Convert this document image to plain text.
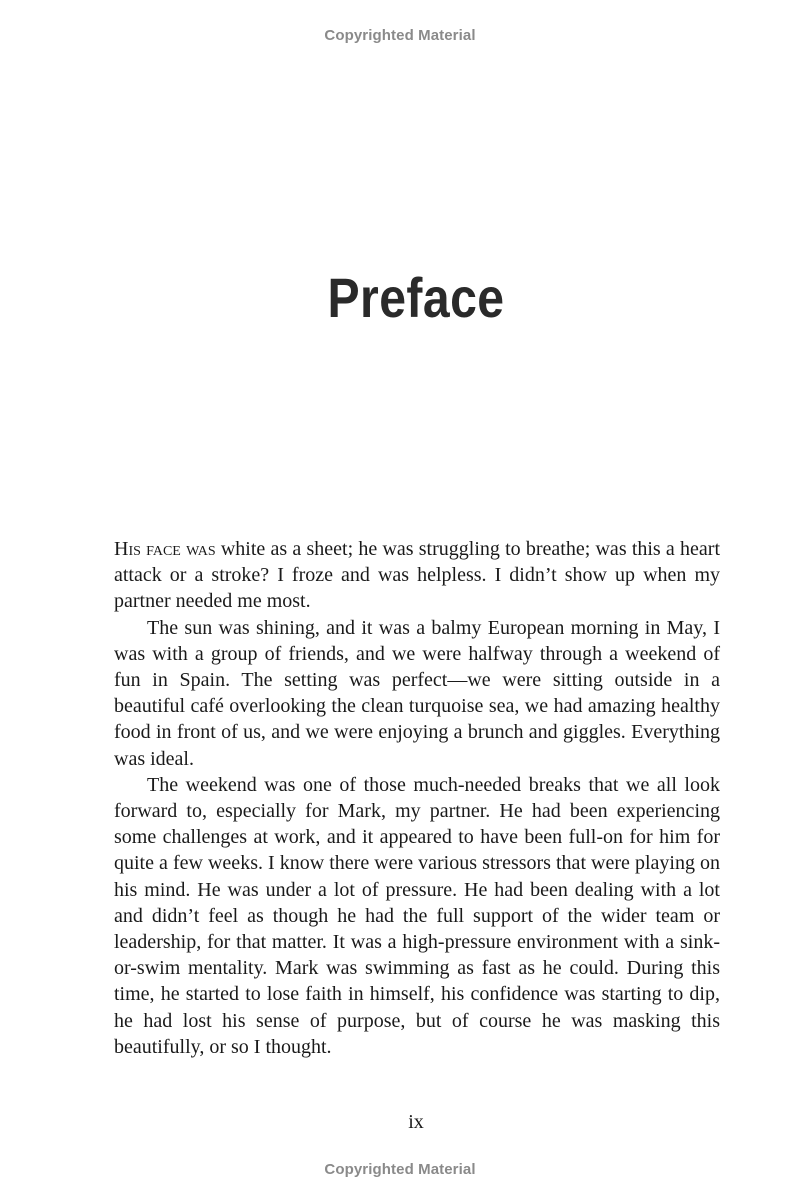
Copyrighted Material
Preface

His face was white as a sheet; he was struggling to breathe; was this a heart attack or a stroke? I froze and was helpless. I didn’t show up when my partner needed me most.

The sun was shining, and it was a balmy European morning in May, I was with a group of friends, and we were halfway through a weekend of fun in Spain. The setting was perfect—we were sitting outside in a beautiful café overlooking the clean turquoise sea, we had amazing healthy food in front of us, and we were enjoying a brunch and giggles. Everything was ideal.

The weekend was one of those much-needed breaks that we all look forward to, especially for Mark, my partner. He had been experiencing some challenges at work, and it appeared to have been full-on for him for quite a few weeks. I know there were various stressors that were playing on his mind. He was under a lot of pressure. He had been dealing with a lot and didn’t feel as though he had the full support of the wider team or leadership, for that matter. It was a high-pressure environment with a sink-or-swim mentality. Mark was swimming as fast as he could. During this time, he started to lose faith in himself, his confidence was starting to dip, he had lost his sense of purpose, but of course he was masking this beautifully, or so I thought.

ix
Copyrighted Material
